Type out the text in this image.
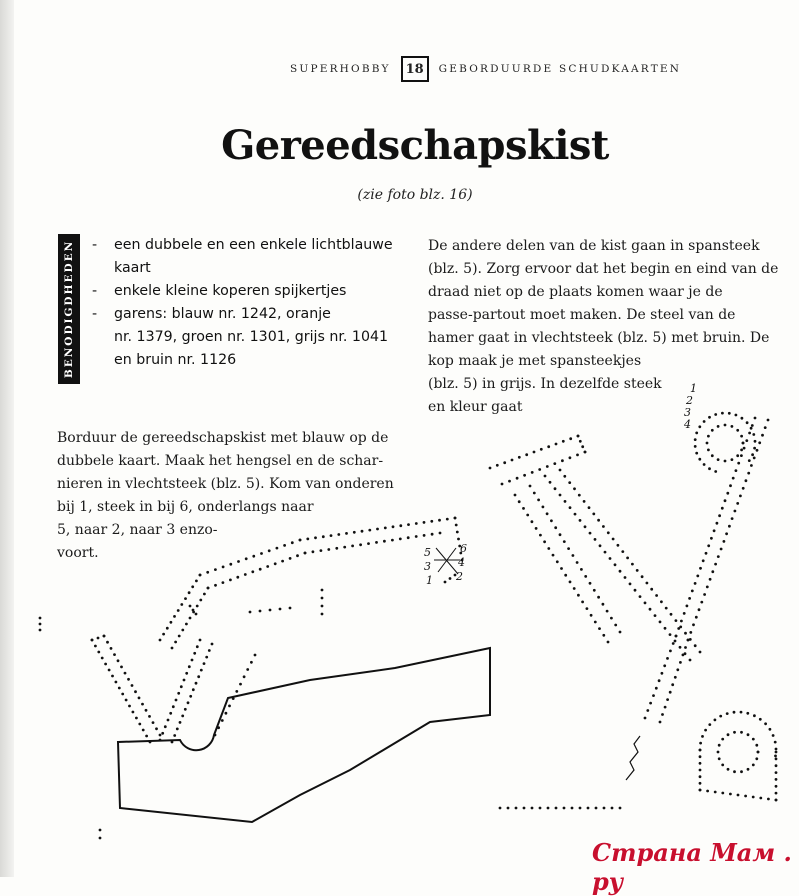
SUPERHOBBY 18 GEBORDUURDE SCHUDKAARTEN
Gereedschapskist
(zie foto blz. 16)
BENODIGDHEDEN - een dubbele en een enkele lichtblauwe
kaart
- enkele kleine koperen spijkertjes
- garens: blauw nr. 1242, oranje
nr. 1379, groen nr. 1301, grijs nr. 1041
en bruin nr. 1126
De andere delen van de kist gaan in spansteek
(blz. 5). Zorg ervoor dat het begin en eind van de
draad niet op de plaats komen waar je de
passe-partout moet maken. De steel van de
hamer gaat in vlechtsteek (blz. 5) met bruin. De
kop maak je met spansteekjes
(blz. 5) in grijs. In dezelfde steek
en kleur gaat
Borduur de gereedschapskist met blauw op de
dubbele kaart. Maak het hengsel en de schar-
nieren in vlechtsteek (blz. 5). Kom van onderen
bij 1, steek in bij 6, onderlangs naar
5, naar 2, naar 3 enzo-
voort.	5
3
1
6
4
2
1
2
3
4
Страна Мам . ру
